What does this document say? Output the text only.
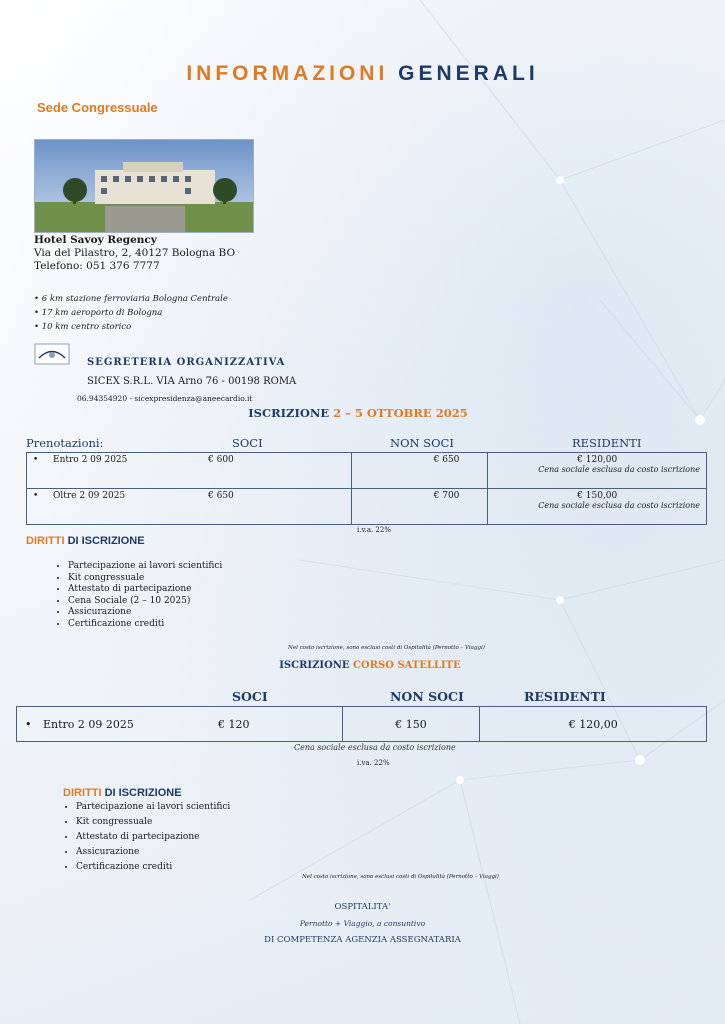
INFORMAZIONI GENERALI
Sede Congressuale
Hotel Savoy Regency
Via del Pilastro, 2, 40127 Bologna BO
Telefono: 051 376 7777
• 6 km stazione ferroviaria Bologna Centrale
• 17 km aeroporto di Bologna
• 10 km centro storico
SEGRETERIA ORGANIZZATIVA
SICEX S.R.L. VIA Arno 76 - 00198 ROMA
06.94354920 - sicexpresidenza@aneecardio.it
ISCRIZIONE 2 – 5 OTTOBRE 2025
Prenotazioni:	SOCI	NON SOCI	RESIDENTI
• Entro 2 09 2025 € 600	€ 650	€ 120,00
Cena sociale esclusa da costo iscrizione

• Oltre 2 09 2025 € 650	€ 700	€ 150,00
Cena sociale esclusa da costo iscrizione
i.v.a. 22%
DIRITTI DI ISCRIZIONE
• Partecipazione ai lavori scientifici
• Kit congressuale
• Attestato di partecipazione
• Cena Sociale (2 – 10 2025)
• Assicurazione
• Certificazione crediti
Nel costo iscrizione, sono esclusi costi di Ospitalità (Pernotto – Viaggi)
ISCRIZIONE CORSO SATELLITE
SOCI	NON SOCI	RESIDENTI
• Entro 2 09 2025	€ 120	€ 150	€ 120,00
Cena sociale esclusa da costo iscrizione
i.va. 22%
DIRITTI DI ISCRIZIONE
• Partecipazione ai lavori scientifici
• Kit congressuale
• Attestato di partecipazione
• Assicurazione
• Certificazione crediti
Nel costo iscrizione, sono esclusi costi di Ospitalità (Pernotto – Viaggi)
OSPITALITA'
Pernotto + Viaggio, a consuntivo
DI COMPETENZA AGENZIA ASSEGNATARIA
